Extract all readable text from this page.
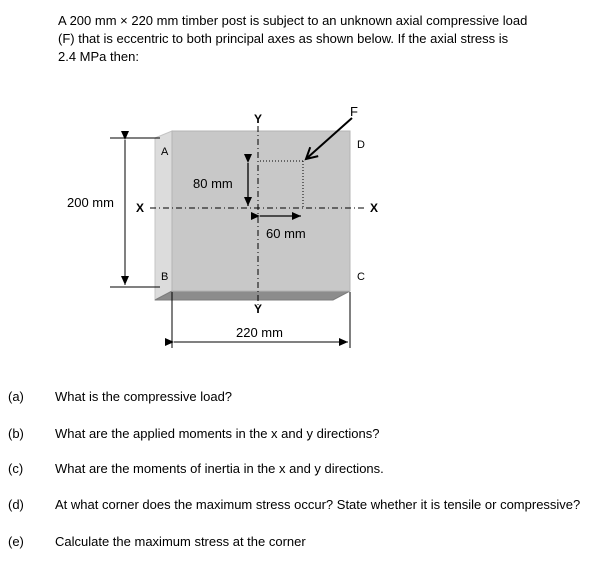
A 200 mm × 220 mm timber post is subject to an unknown axial compressive load
(F) that is eccentric to both principal axes as shown below. If the axial stress is
2.4 MPa then:
200 mm
220 mm
Y
Y
X	X
80 mm
60 mm
F
A
B	C
D
(a) What is the compressive load?
(b) What are the applied moments in the x and y directions?
(c) What are the moments of inertia in the x and y directions.
(d) At what corner does the maximum stress occur? State whether it is tensile or compressive?
(e) Calculate the maximum stress at the corner
